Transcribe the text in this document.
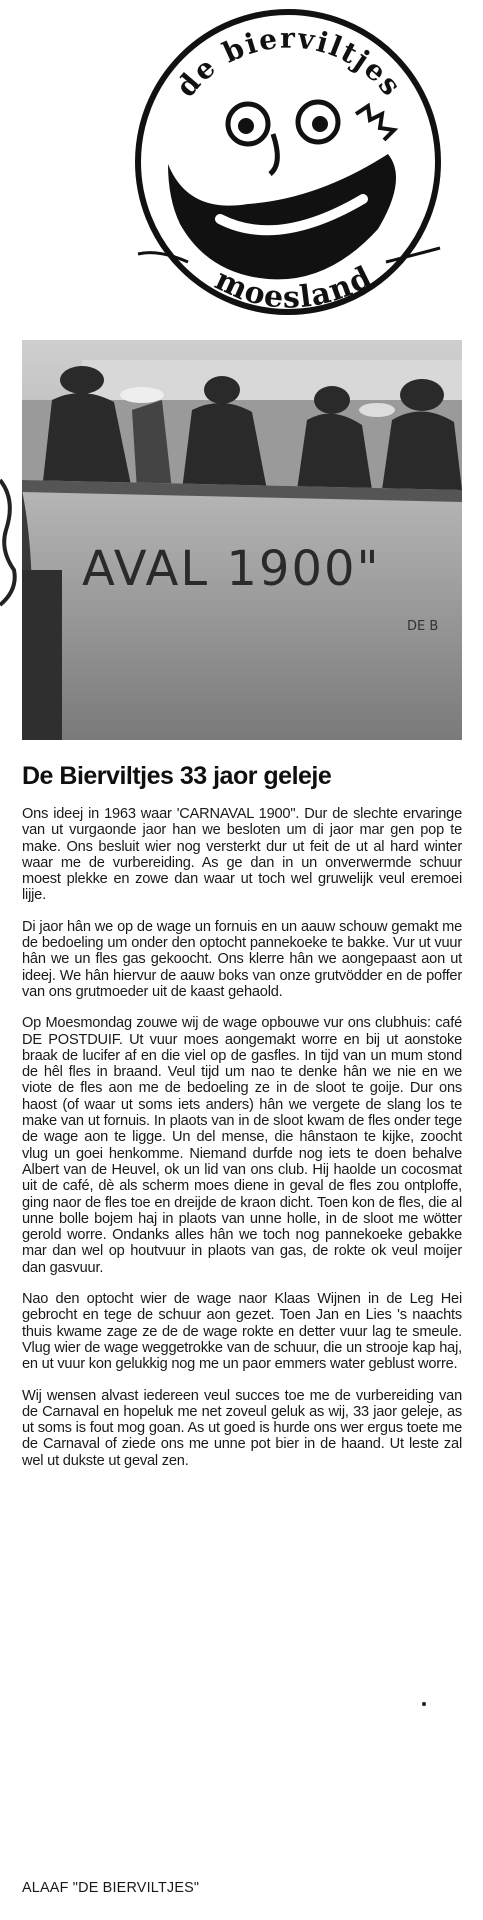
de bierviltjes
moesland
AVAL 1900"
DE B
De Bierviltjes 33 jaor geleje

Ons ideej in 1963 waar 'CARNAVAL 1900". Dur de slechte ervaringe van ut vurgaonde jaor han we besloten um di jaor mar gen pop te make. Ons besluit wier nog versterkt dur ut feit de ut al hard winter waar me de vurbereiding. As ge dan in un onverwermde schuur moest plekke en zowe dan waar ut toch wel gruwelijk veul eremoei lijje.

Di jaor hân we op de wage un fornuis en un aauw schouw gemakt me de bedoeling um onder den optocht pannekoeke te bakke. Vur ut vuur hân we un fles gas gekoocht. Ons klerre hân we aongepaast aon ut ideej. We hân hiervur de aauw boks van onze grutvödder en de poffer van ons grutmoeder uit de kaast gehaold.

Op Moesmondag zouwe wij de wage opbouwe vur ons clubhuis: café DE POSTDUIF. Ut vuur moes aongemakt worre en bij ut aonstoke braak de lucifer af en die viel op de gasfles. In tijd van un mum stond de hêl fles in braand. Veul tijd um nao te denke hân we nie en we viote de fles aon me de bedoeling ze in de sloot te goije. Dur ons haost (of waar ut soms iets anders) hân we vergete de slang los te make van ut fornuis. In plaots van in de sloot kwam de fles onder tege de wage aon te ligge. Un del mense, die hânstaon te kijke, zoocht vlug un goei henkomme. Niemand durfde nog iets te doen behalve Albert van de Heuvel, ok un lid van ons club. Hij haolde un cocosmat uit de café, dè als scherm moes diene in geval de fles zou ontploffe, ging naor de fles toe en dreijde de kraon dicht. Toen kon de fles, die al unne bolle bojem haj in plaots van unne holle, in de sloot me wötter gerold worre. Ondanks alles hân we toch nog pannekoeke gebakke mar dan wel op houtvuur in plaots van gas, de rokte ok veul moijer dan gasvuur.

Nao den optocht wier de wage naor Klaas Wijnen in de Leg Hei gebrocht en tege de schuur aon gezet. Toen Jan en Lies 's naachts thuis kwame zage ze de de wage rokte en detter vuur lag te smeule. Vlug wier de wage weggetrokke van de schuur, die un strooje kap haj, en ut vuur kon gelukkig nog me un paor emmers water geblust worre.

Wij wensen alvast iedereen veul succes toe me de vurbereiding van de Carnaval en hopeluk me net zoveul geluk as wij, 33 jaor geleje, as ut soms is fout mog goan. As ut goed is hurde ons wer ergus toete me de Carnaval of ziede ons me unne pot bier in de haand. Ut leste zal wel ut dukste ut geval zen.

ALAAF "DE BIERVILTJES"
